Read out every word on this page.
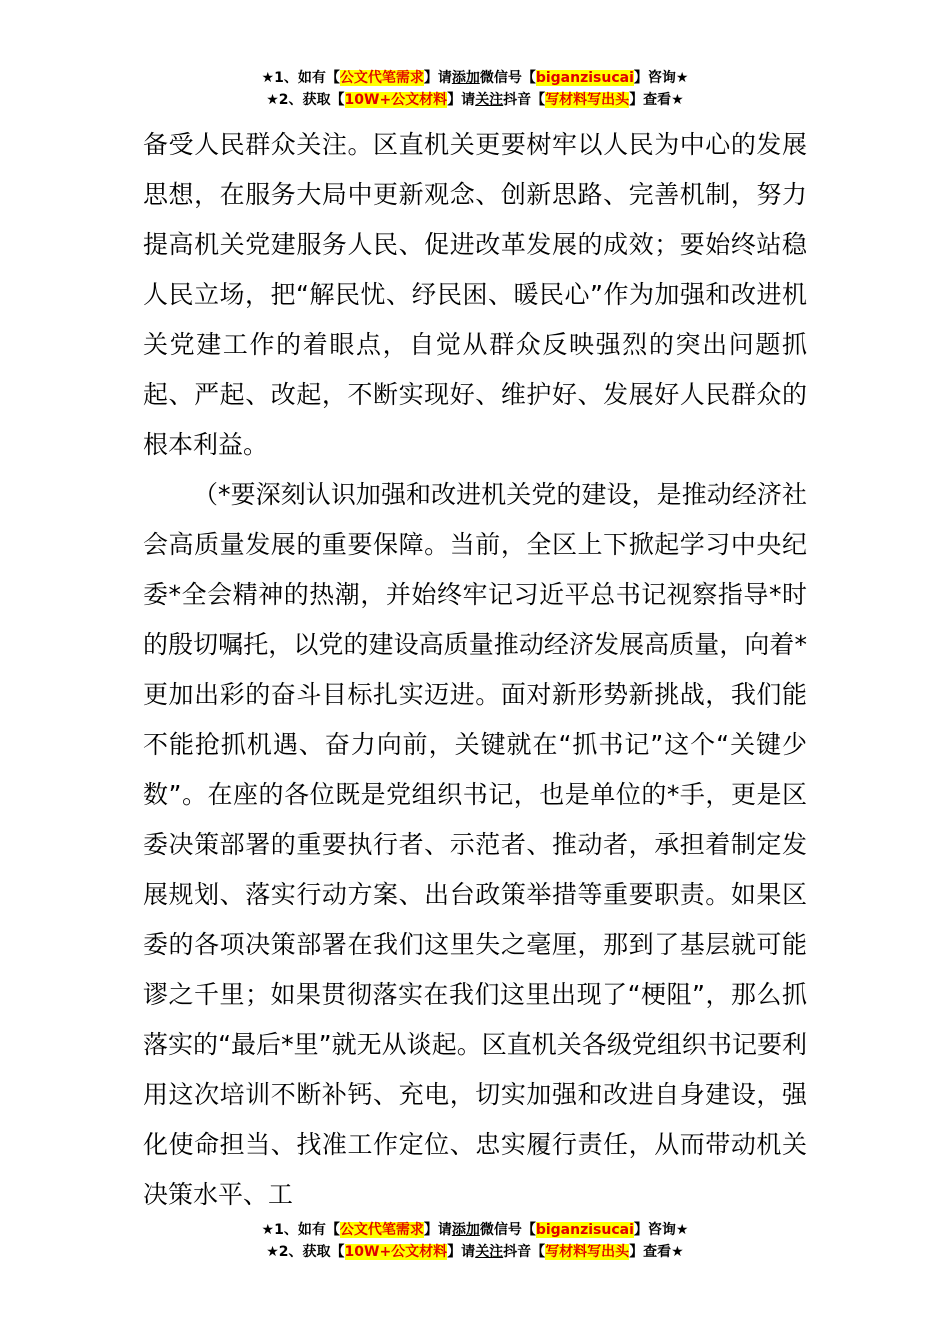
★1、如有【公文代笔需求】请添加微信号【biganzisucai】咨询★
★2、获取【10W+公文材料】请关注抖音【写材料写出头】查看★

备受人民群众关注。区直机关更要树牢以人民为中心的发展思想，在服务大局中更新观念、创新思路、完善机制，努力提高机关党建服务人民、促进改革发展的成效；要始终站稳人民立场，把“解民忧、纾民困、暖民心”作为加强和改进机关党建工作的着眼点，自觉从群众反映强烈的突出问题抓起、严起、改起，不断实现好、维护好、发展好人民群众的根本利益。

（*要深刻认识加强和改进机关党的建设，是推动经济社会高质量发展的重要保障。当前，全区上下掀起学习中央纪委*全会精神的热潮，并始终牢记习近平总书记视察指导*时的殷切嘱托，以党的建设高质量推动经济发展高质量，向着*更加出彩的奋斗目标扎实迈进。面对新形势新挑战，我们能不能抢抓机遇、奋力向前，关键就在“抓书记”这个“关键少数”。在座的各位既是党组织书记，也是单位的*手，更是区委决策部署的重要执行者、示范者、推动者，承担着制定发展规划、落实行动方案、出台政策举措等重要职责。如果区委的各项决策部署在我们这里失之毫厘，那到了基层就可能谬之千里；如果贯彻落实在我们这里出现了“梗阻”，那么抓落实的“最后*里”就无从谈起。区直机关各级党组织书记要利用这次培训不断补钙、充电，切实加强和改进自身建设，强化使命担当、找准工作定位、忠实履行责任，从而带动机关决策水平、工

★1、如有【公文代笔需求】请添加微信号【biganzisucai】咨询★
★2、获取【10W+公文材料】请关注抖音【写材料写出头】查看★
